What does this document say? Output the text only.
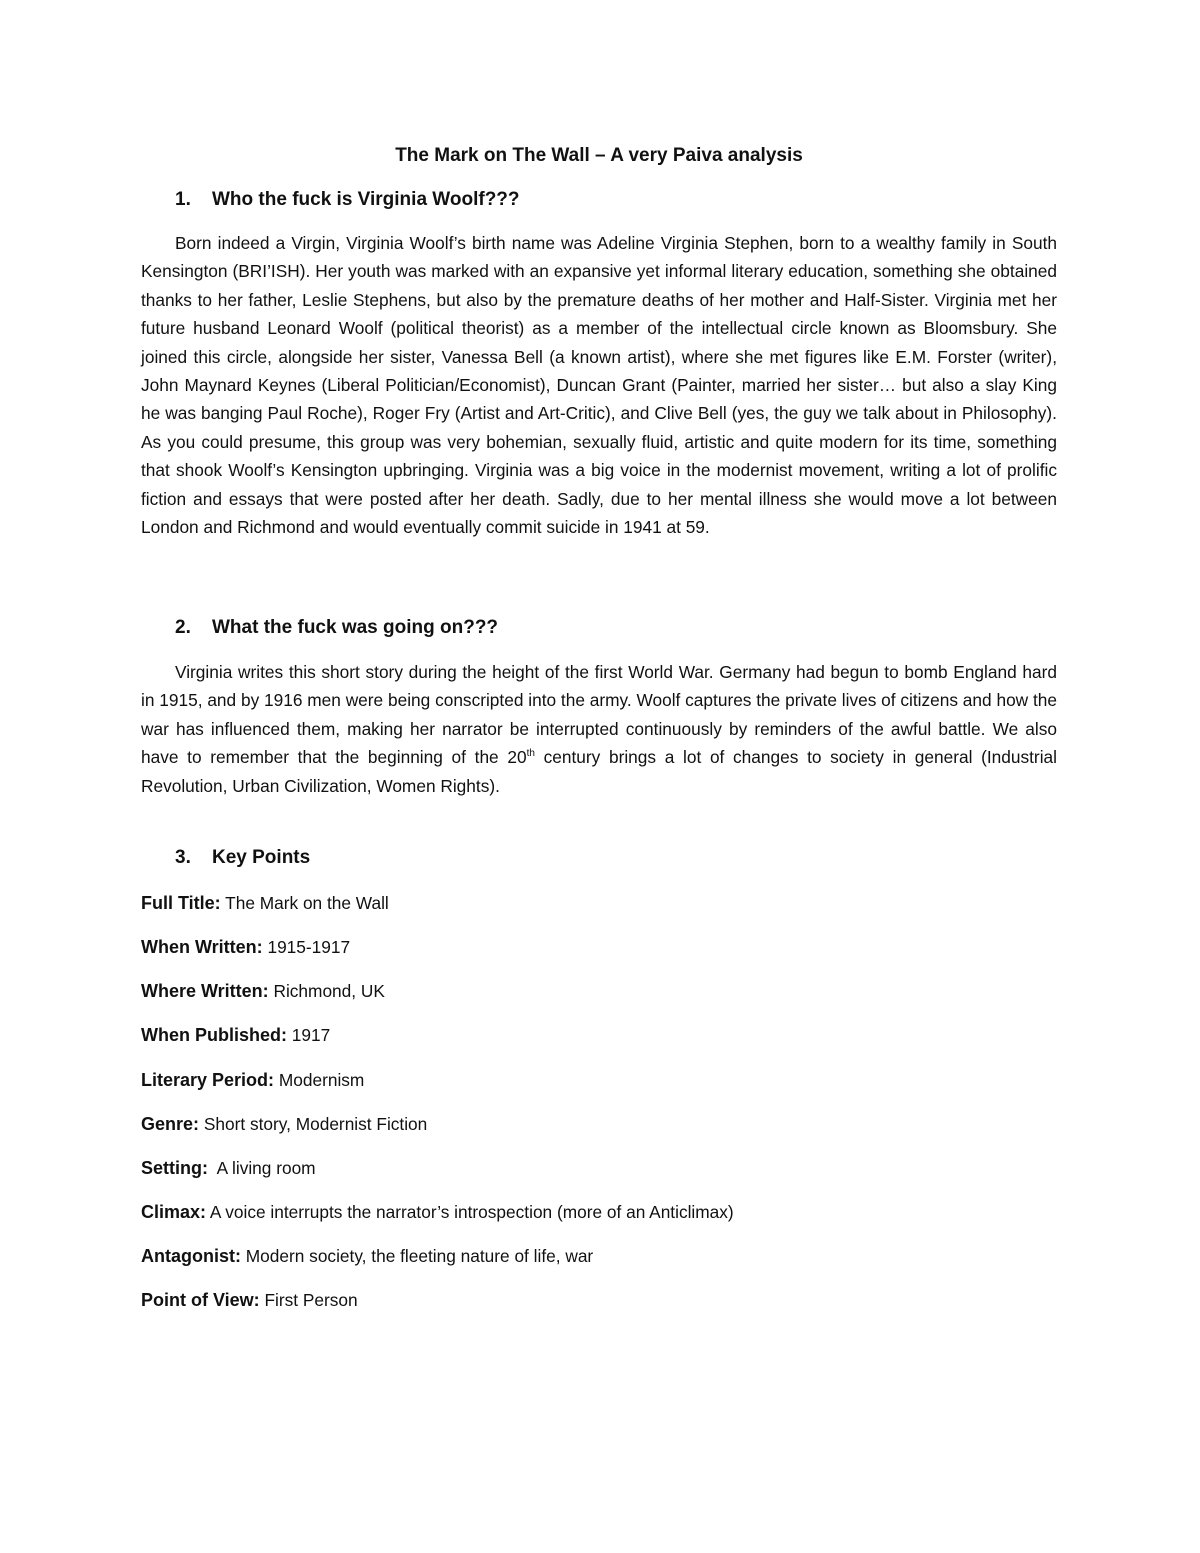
The Mark on The Wall – A very Paiva analysis
1. Who the fuck is Virginia Woolf???

Born indeed a Virgin, Virginia Woolf’s birth name was Adeline Virginia Stephen, born to a wealthy family in South Kensington (BRI’ISH). Her youth was marked with an expansive yet informal literary education, something she obtained thanks to her father, Leslie Stephens, but also by the premature deaths of her mother and Half-Sister. Virginia met her future husband Leonard Woolf (political theorist) as a member of the intellectual circle known as Bloomsbury. She joined this circle, alongside her sister, Vanessa Bell (a known artist), where she met figures like E.M. Forster (writer), John Maynard Keynes (Liberal Politician/Economist), Duncan Grant (Painter, married her sister… but also a slay King he was banging Paul Roche), Roger Fry (Artist and Art-Critic), and Clive Bell (yes, the guy we talk about in Philosophy). As you could presume, this group was very bohemian, sexually fluid, artistic and quite modern for its time, something that shook Woolf’s Kensington upbringing. Virginia was a big voice in the modernist movement, writing a lot of prolific fiction and essays that were posted after her death. Sadly, due to her mental illness she would move a lot between London and Richmond and would eventually commit suicide in 1941 at 59.

2. What the fuck was going on???

Virginia writes this short story during the height of the first World War. Germany had begun to bomb England hard in 1915, and by 1916 men were being conscripted into the army. Woolf captures the private lives of citizens and how the war has influenced them, making her narrator be interrupted continuously by reminders of the awful battle. We also have to remember that the beginning of the 20th century brings a lot of changes to society in general (Industrial Revolution, Urban Civilization, Women Rights).

3. Key Points
Full Title: The Mark on the Wall
When Written: 1915-1917
Where Written: Richmond, UK
When Published: 1917
Literary Period: Modernism
Genre: Short story, Modernist Fiction
Setting:  A living room
Climax: A voice interrupts the narrator’s introspection (more of an Anticlimax)
Antagonist: Modern society, the fleeting nature of life, war
Point of View: First Person
